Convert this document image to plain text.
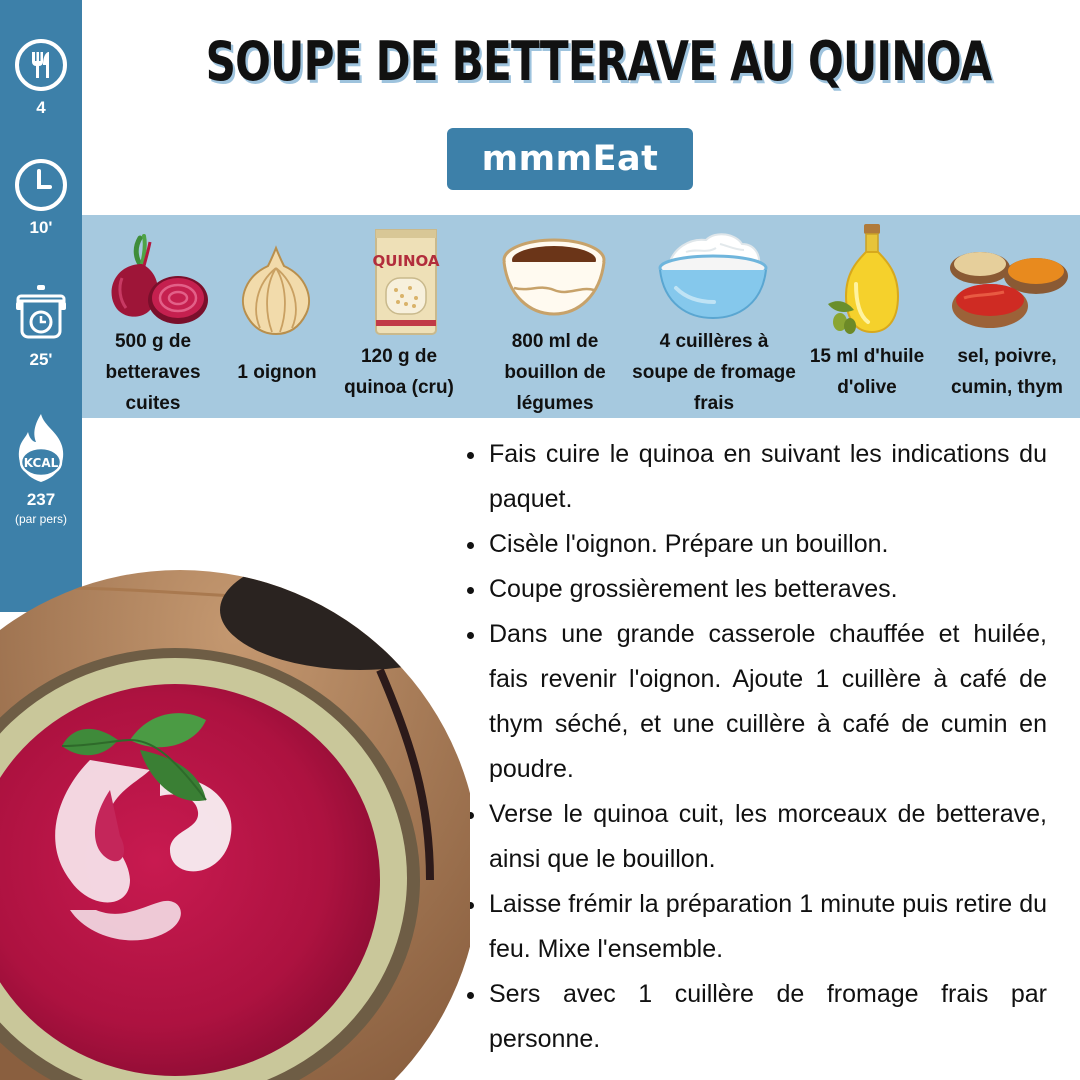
4
10'
25'
KCAL
237
(par pers)
SOUPE DE BETTERAVE AU QUINOA
mmmEat
QUINOA
500 g de betteraves cuites
1 oignon
120 g de quinoa (cru)
800 ml de bouillon de légumes
4 cuillères à soupe de fromage frais
15 ml d'huile d'olive
sel, poivre, cumin, thym
Fais cuire le quinoa en suivant les indications du paquet.
Cisèle l'oignon. Prépare un bouillon.
Coupe grossièrement les betteraves.
Dans une grande casserole chauffée et huilée, fais revenir l'oignon. Ajoute 1 cuillère à café de thym séché, et une cuillère à café de cumin en poudre.
Verse le quinoa cuit, les morceaux de betterave, ainsi que le bouillon.
Laisse frémir la préparation 1 minute puis retire du feu. Mixe l'ensemble.
Sers avec 1 cuillère de fromage frais par personne.
